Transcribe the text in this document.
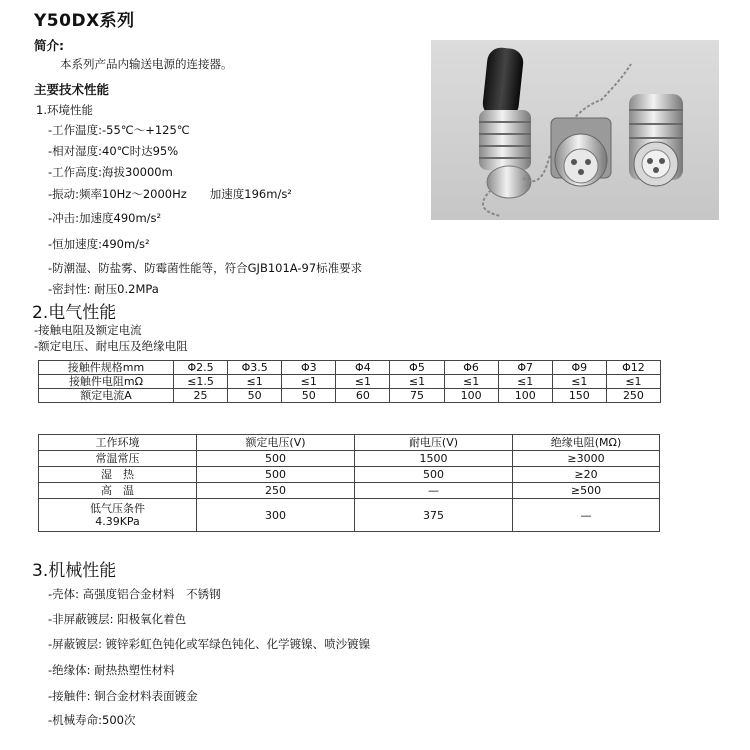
Y50DX系列
简介:
本系列产品内输送电源的连接器。
主要技术性能
1.环境性能
-工作温度:-55℃～+125℃
-相对湿度:40℃时达95%
-工作高度:海拔30000m
-振动:频率10Hz～2000Hz　　加速度196m/s²
-冲击:加速度490m/s²
-恒加速度:490m/s²
-防潮湿、防盐雾、防霉菌性能等，符合GJB101A-97标准要求
-密封性: 耐压0.2MPa
2.电气性能
-接触电阻及额定电流
-额定电压、耐电压及绝缘电阻
接触件规格mm	Φ2.5	Φ3.5	Φ3	Φ4	Φ5	Φ6	Φ7	Φ9	Φ12
接触件电阻mΩ	≤1.5	≤1	≤1	≤1	≤1	≤1	≤1	≤1	≤1
额定电流A	25	50	50	60	75	100	100	150	250
工作环境	额定电压(V)	耐电压(V)	绝缘电阻(MΩ)
常温常压	500	1500	≥3000
湿　热	500	500	≥20
高　温	250	—	≥500

低气压条件
4.39KPa	300	375	—
3.机械性能
-壳体: 高强度铝合金材料　不锈钢
-非屏蔽镀层: 阳极氧化着色
-屏蔽镀层: 镀锌彩虹色钝化或军绿色钝化、化学镀镍、喷沙镀镍
-绝缘体: 耐热热塑性材料
-接触件: 铜合金材料表面镀金
-机械寿命:500次
